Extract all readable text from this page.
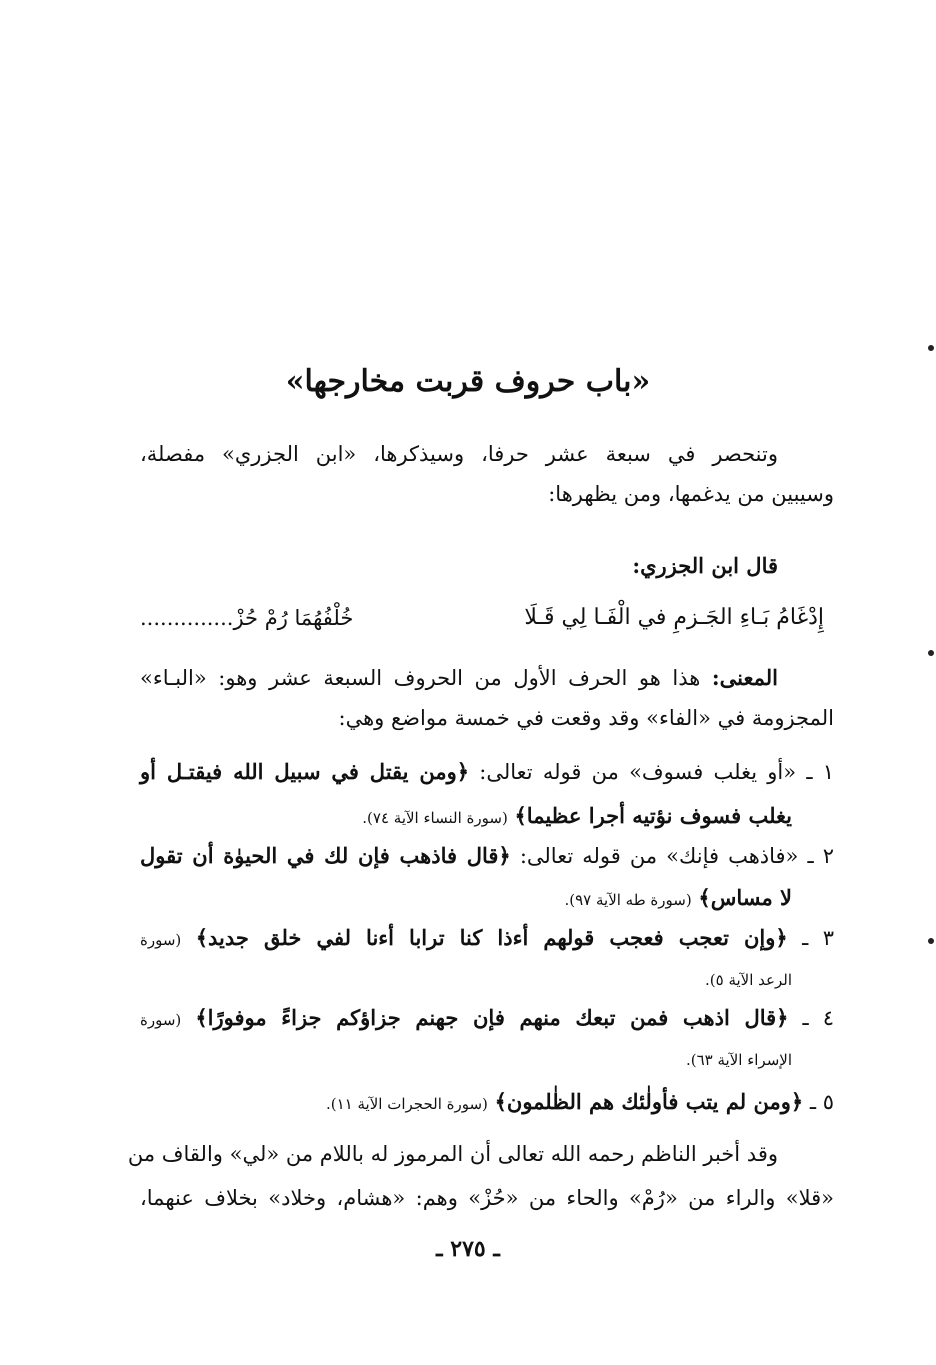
«باب حروف قربت مخارجها»
وتنحصر في سبعة عشر حرفا، وسيذكرها، «ابن الجزري» مفصلة،
وسيبين من يدغمها، ومن يظهرها:
قال ابن الجزري:
إِدْغَامُ بَـاءِ الجَـزمِ في الْفَـا لِي قَـلَا
خُلْفُهُمَا رُمْ حُزْ..............
المعنى: هذا هو الحرف الأول من الحروف السبعة عشر وهو: «البـاء»
المجزومة في «الفاء» وقد وقعت في خمسة مواضع وهي:
١ ـ «أو يغلب فسوف» من قوله تعالى: ﴿ومن يقتل في سبيل الله فيقتـل أو
يغلب فسوف نؤتيه أجرا عظيما﴾ (سورة النساء الآية ٧٤).
٢ ـ «فاذهب فإنك» من قوله تعالى: ﴿قال فاذهب فإن لك في الحيوٰة أن تقول
لا مساس﴾ (سورة طه الآية ٩٧).
٣ ـ ﴿وإن تعجب فعجب قولهم أءذا كنا ترابا أءنا لفي خلق جديد﴾ (سورة
الرعد الآية ٥).
٤ ـ ﴿قال اذهب فمن تبعك منهم فإن جهنم جزاؤكم جزاءً موفورًا﴾ (سورة
الإسراء الآية ٦٣).
٥ ـ ﴿ومن لم يتب فأولٰئك هم الظٰلمون﴾ (سورة الحجرات الآية ١١).
وقد أخبر الناظم رحمه الله تعالى أن المرموز له باللام من «لي» والقاف من
«قلا» والراء من «رُمْ» والحاء من «حُزْ» وهم: «هشام، وخلاد» بخلاف عنهما،
ـ ٢٧٥ ـ
